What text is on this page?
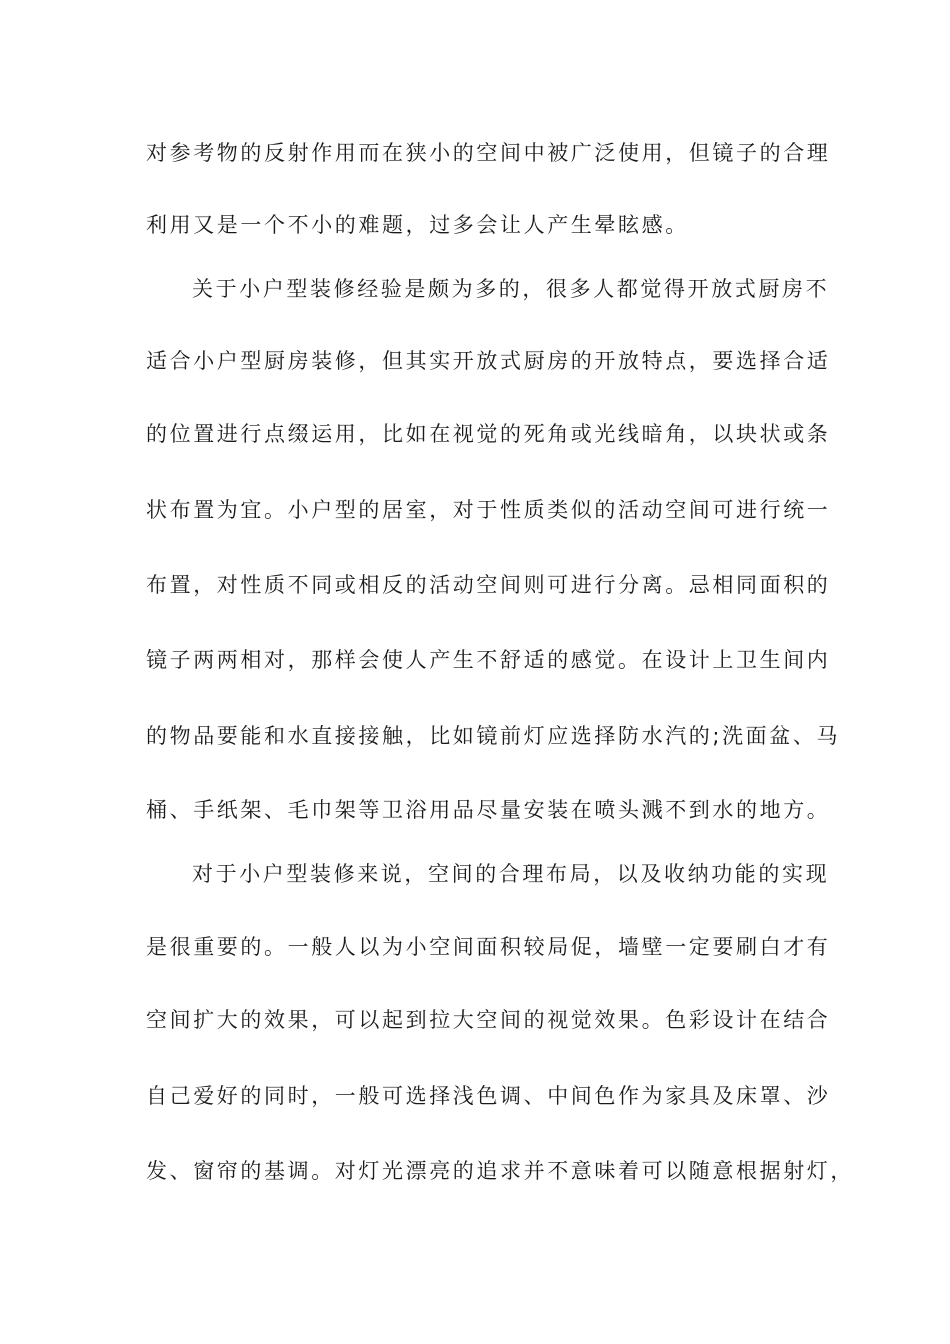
对参考物的反射作用而在狭小的空间中被广泛使用，但镜子的合理
利用又是一个不小的难题，过多会让人产生晕眩感。
关于小户型装修经验是颇为多的，很多人都觉得开放式厨房不
适合小户型厨房装修，但其实开放式厨房的开放特点，要选择合适
的位置进行点缀运用，比如在视觉的死角或光线暗角，以块状或条
状布置为宜。小户型的居室，对于性质类似的活动空间可进行统一
布置，对性质不同或相反的活动空间则可进行分离。忌相同面积的
镜子两两相对，那样会使人产生不舒适的感觉。在设计上卫生间内
的物品要能和水直接接触，比如镜前灯应选择防水汽的;洗面盆、马
桶、手纸架、毛巾架等卫浴用品尽量安装在喷头溅不到水的地方。
对于小户型装修来说，空间的合理布局，以及收纳功能的实现
是很重要的。一般人以为小空间面积较局促，墙壁一定要刷白才有
空间扩大的效果，可以起到拉大空间的视觉效果。色彩设计在结合
自己爱好的同时，一般可选择浅色调、中间色作为家具及床罩、沙
发、窗帘的基调。对灯光漂亮的追求并不意味着可以随意根据射灯，
